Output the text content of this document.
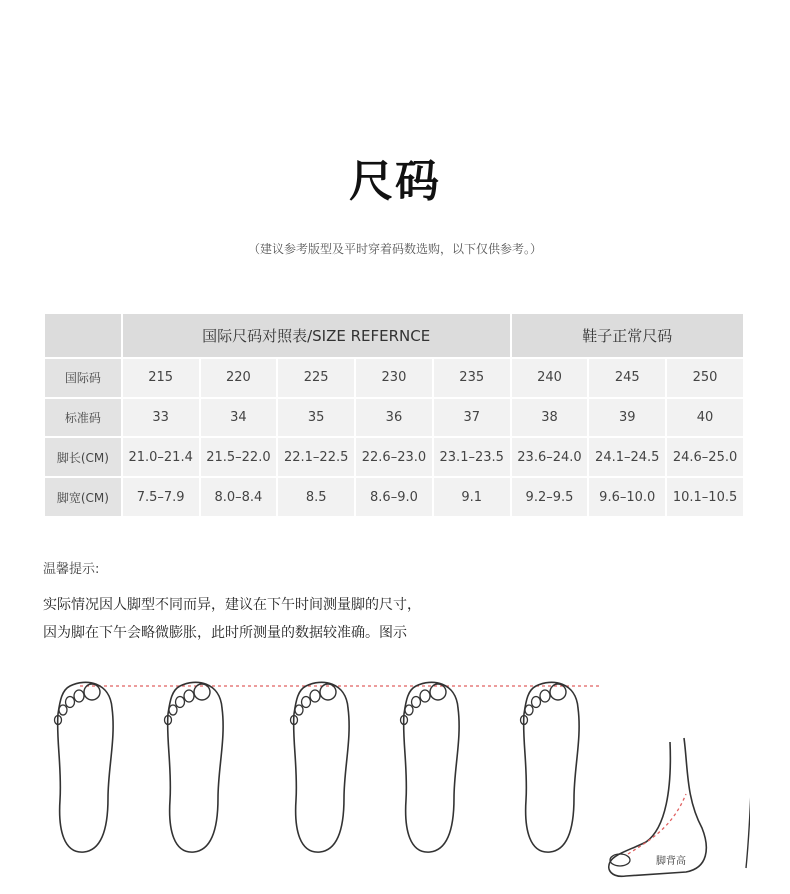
尺码
（建议参考版型及平时穿着码数选购，以下仅供参考。）
	国际尺码对照表/SIZE REFERNCE					鞋子正常尺码		
国际码	215	220	225	230	235	240	245	250
标准码	33	34	35	36	37	38	39	40
脚长(CM)	21.0–21.4	21.5–22.0	22.1–22.5	22.6–23.0	23.1–23.5	23.6–24.0	24.1–24.5	24.6–25.0
脚宽(CM)	7.5–7.9	8.0–8.4	8.5	8.6–9.0	9.1	9.2–9.5	9.6–10.0	10.1–10.5
温馨提示:
实际情况因人脚型不同而异，建议在下午时间测量脚的尺寸，
因为脚在下午会略微膨胀，此时所测量的数据较准确。图示
脚背高
